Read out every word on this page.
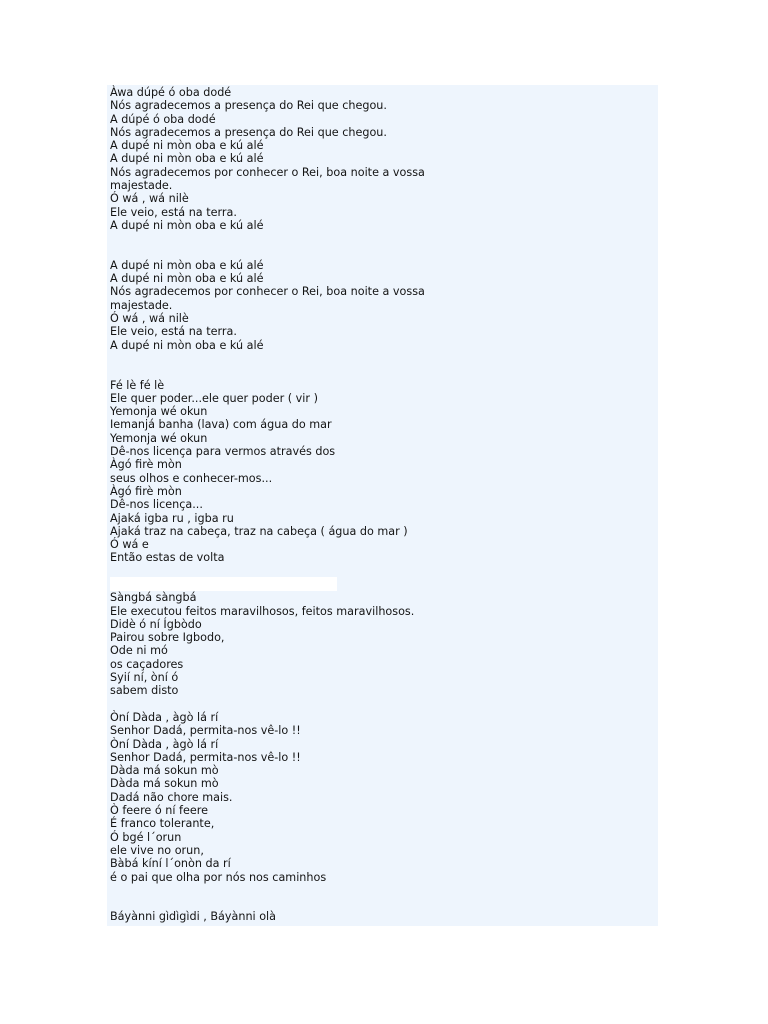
Àwa dúpé ó oba dodé
Nós agradecemos a presença do Rei que chegou.
A dúpé ó oba dodé
Nós agradecemos a presença do Rei que chegou.
A dupé ni mòn oba e kú alé
A dupé ni mòn oba e kú alé
Nós agradecemos por conhecer o Rei, boa noite a vossa
majestade.
Ó wá , wá nilè
Ele veio, está na terra.
A dupé ni mòn oba e kú alé
A dupé ni mòn oba e kú alé
A dupé ni mòn oba e kú alé
Nós agradecemos por conhecer o Rei, boa noite a vossa
majestade.
Ó wá , wá nilè
Ele veio, está na terra.
A dupé ni mòn oba e kú alé
Fé lè fé lè
Ele quer poder...ele quer poder ( vir )
Yemonja wé okun
Iemanjá banha (lava) com água do mar
Yemonja wé okun
Dê-nos licença para vermos através dos
Àgó firè mòn
seus olhos e conhecer-mos...
Àgó firè mòn
Dê-nos licença...
Ajaká igba ru , igba ru
Ajaká traz na cabeça, traz na cabeça ( água do mar )
Ó wá e
Então estas de volta
Sàngbá sàngbá
Ele executou feitos maravilhosos, feitos maravilhosos.
Didè ó ní Ígbòdo
Pairou sobre Igbodo,
Ode ni mó
os caçadores
Syií ní, òní ó
sabem disto
Òní Dàda , àgò lá rí
Senhor Dadá, permita-nos vê-lo !!
Òní Dàda , àgò lá rí
Senhor Dadá, permita-nos vê-lo !!
Dàda má sokun mò
Dàda má sokun mò
Dadá não chore mais.
Ò feere ó ní feere
É franco tolerante,
Ó bgé l´orun
ele vive no orun,
Bàbá kíní l´onòn da rí
é o pai que olha por nós nos caminhos
Báyànni gìdìgìdi , Báyànni olà
